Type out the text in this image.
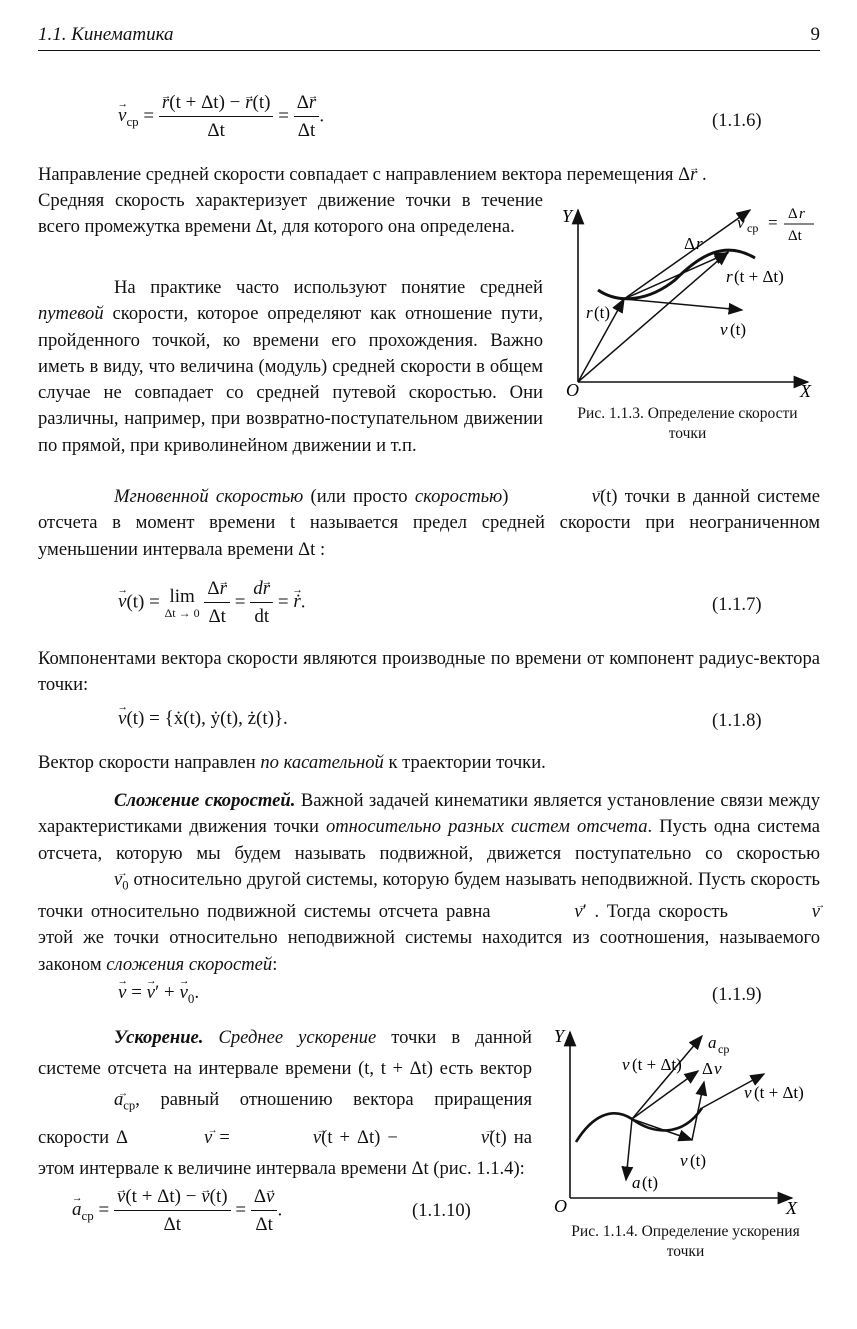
1.1. Кинематика	9
→ $v_{ср}$ = → $\frac{r(t + \Delta t) - \to r(t)}{\Delta t} = \frac{\Delta\to r}{\Delta t}$ .	(1.1.6)

Направление средней скорости совпадает с направлением вектора перемещения Δ→ r .

Средняя скорость характеризует движение точки в течение всего промежутка времени Δt, для которого она определена.

На практике часто используют понятие средней путевой скорости, которое определяют как отношение пути, пройденного точкой, ко времени его прохождения. Важно иметь в виду, что величина (модуль) средней скорости в общем случае не совпадает со средней путевой скоростью. Они различны, например, при возвратно-поступательном движении по прямой, при криволинейном движении и т.п.

Y
X
O
v ср = Δ r
Δt
Δ r
r (t + Δt)
r (t)
v (t)
Рис. 1.1.3. Определение скорости
точки

Мгновенной скоростью (или просто скоростью)	→ v(t) точки в данной системе отсчета в момент времени t называется предел средней скорости при неограниченном уменьшении интервала времени Δt :

→ v(t) = lim
Δt → 0
$\frac{\Delta\to r}{\Delta t} = \frac{d\to r}{dt}$ = → ṙ.	(1.1.7)

Компонентами вектора скорости являются производные по времени от компонент радиус-вектора точки:

→ v(t) = {ẋ(t), ẏ(t), ż(t)}.	(1.1.8)

Вектор скорости направлен по касательной к траектории точки.

Сложение скоростей. Важной задачей кинематики является установление связи между характеристиками движения точки относительно разных систем отсчета. Пусть одна система отсчета, которую мы будем называть подвижной, движется поступательно со скоростью → $v_0$ относительно другой системы, которую будем называть неподвижной. Пусть скорость точки относительно подвижной системы отсчета равна	→ v′ . Тогда скорость	→ v этой же точки относительно неподвижной системы находится из соотношения, называемого законом сложения скоростей:

→ v = → v′ + → $v_0$.	(1.1.9)

Ускорение. Среднее ускорение точки в данной системе отсчета на интервале времени (t, t + Δt) есть вектор → $a_{ср}$, равный отношению вектора приращения скорости Δ	→ v =	→ v(t + Δt) −	→ v(t) на этом интервале к величине интервала времени Δt (рис. 1.1.4):

→ $a_{ср}$ = → $\frac{v(t + \Delta t) - \to v(t)}{\Delta t} = \frac{\Delta\to v}{\Delta t}$ .	(1.1.10)
Y
X
O
a ср
v (t + Δt) Δ v
v (t + Δt)
v (t)
a (t)
Рис. 1.1.4. Определение ускорения
точки
